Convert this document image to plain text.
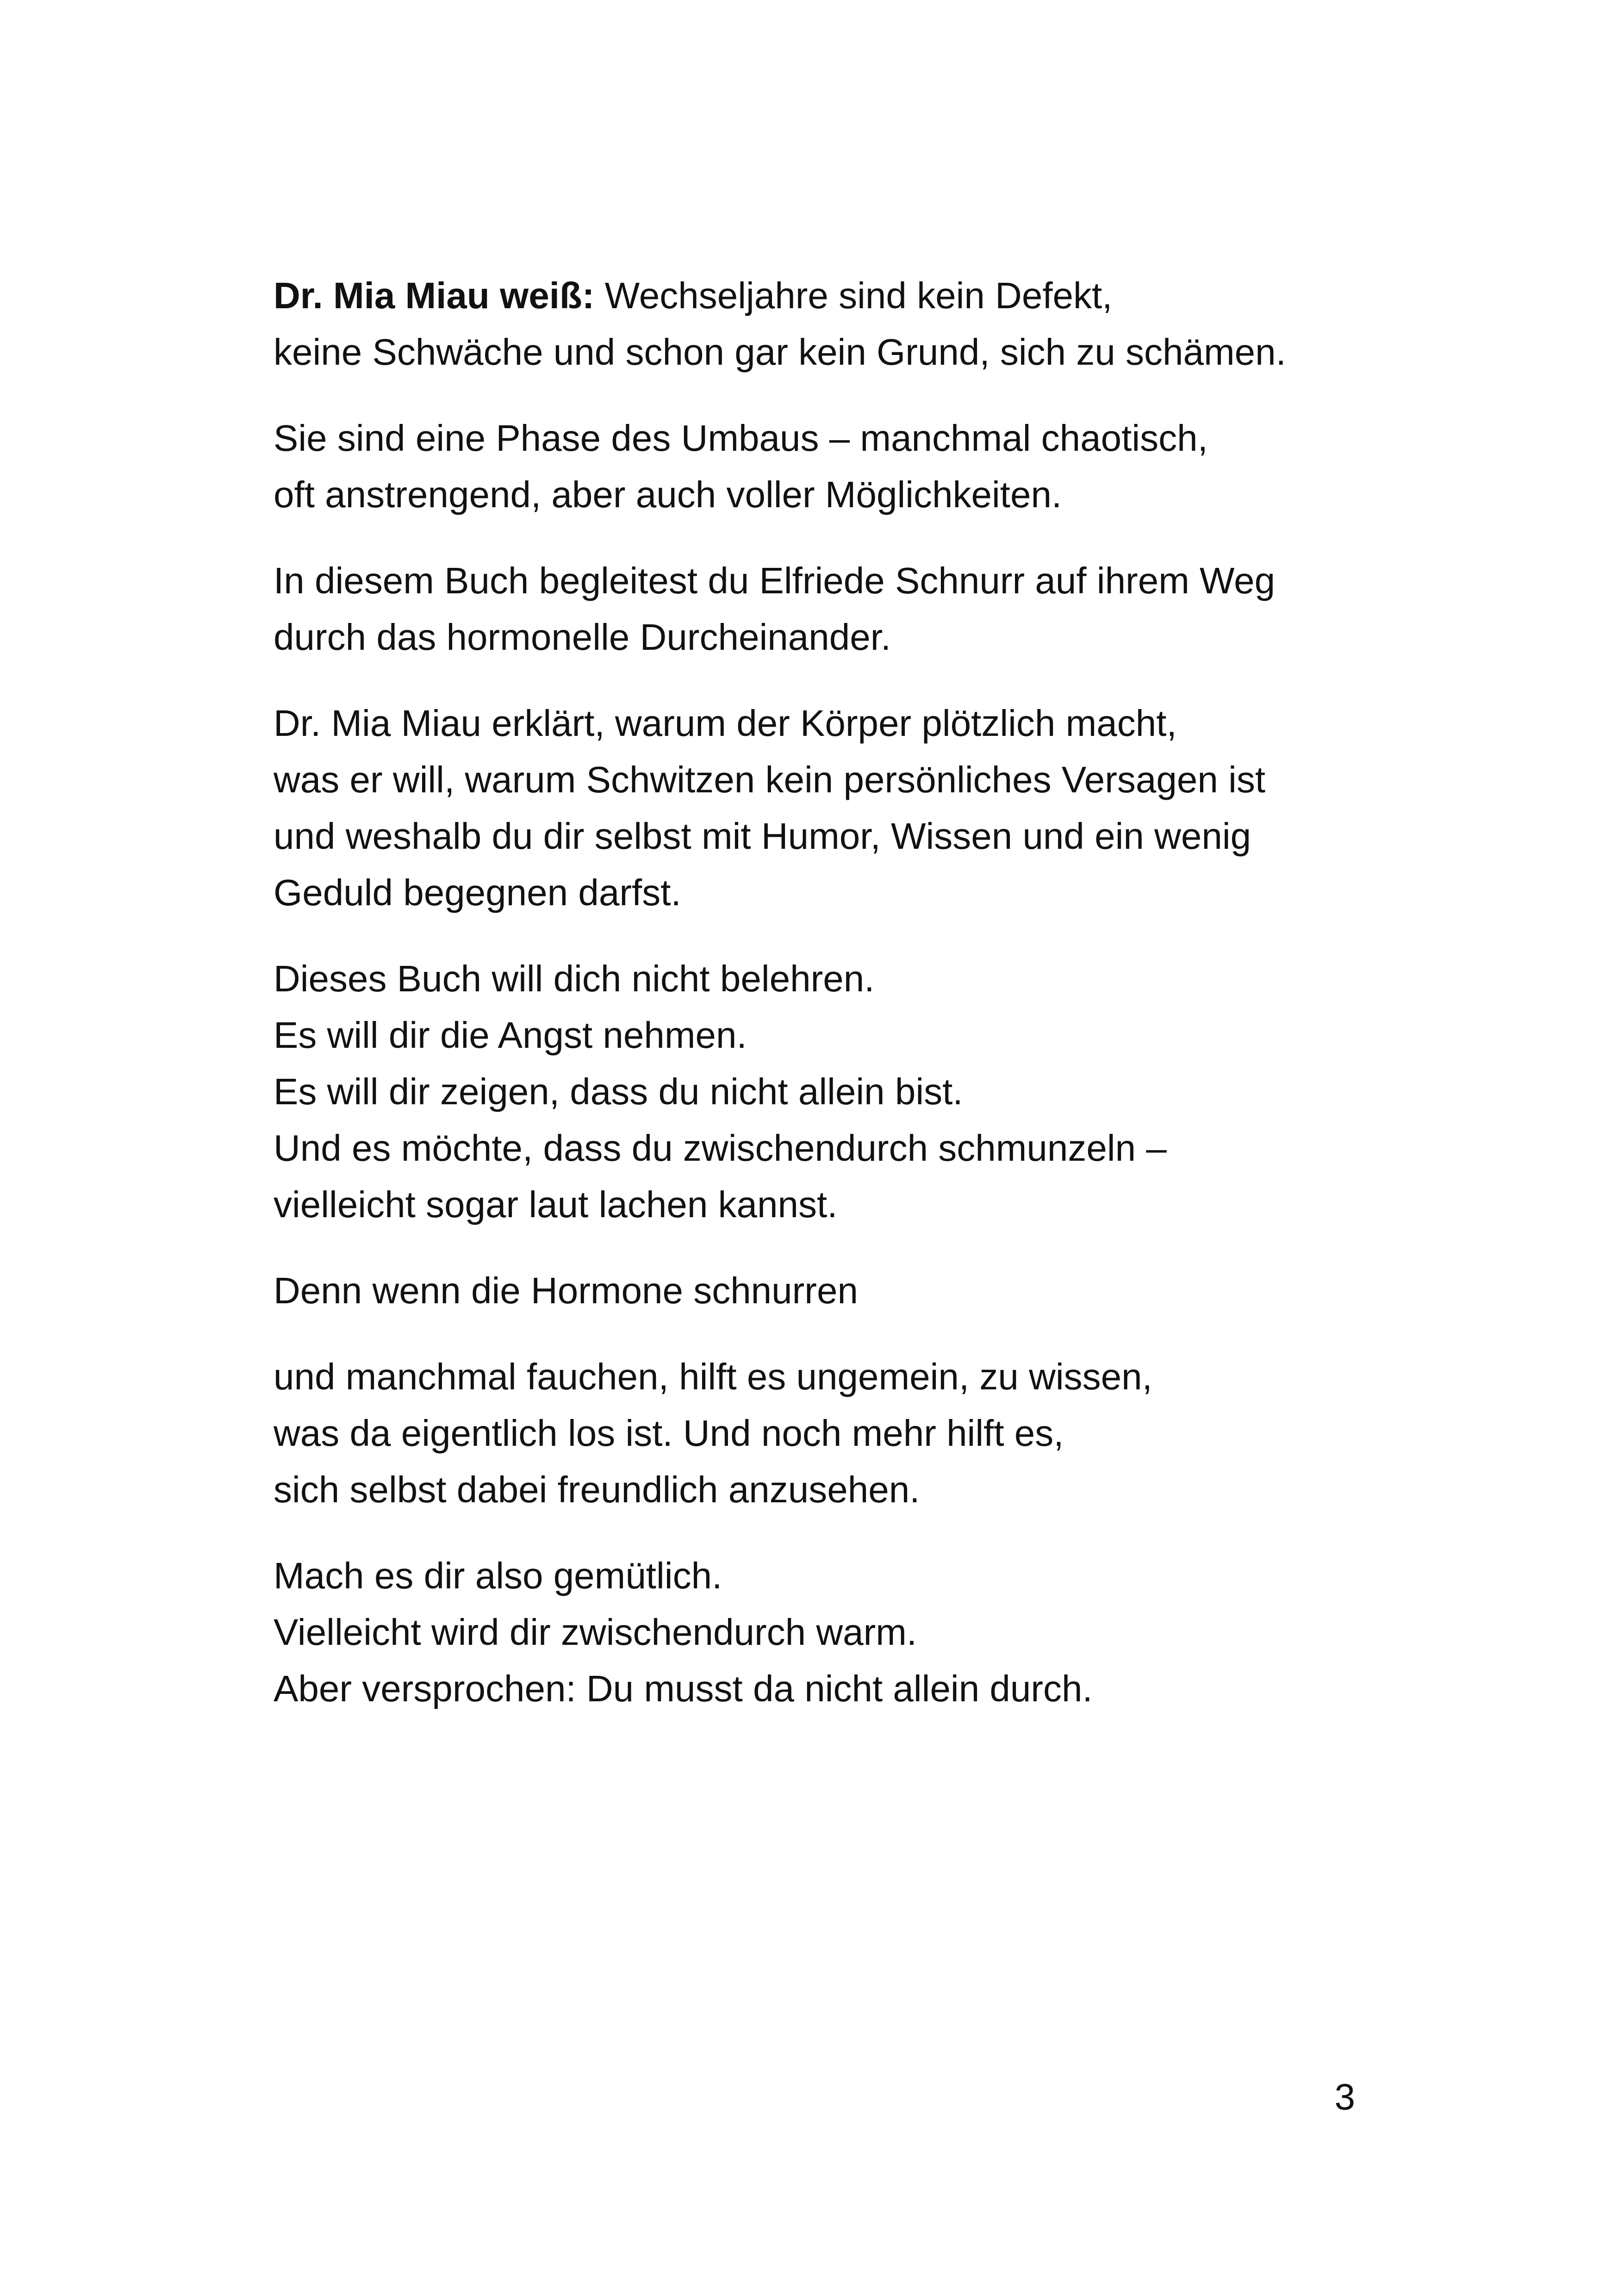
Dr. Mia Miau weiß: Wechseljahre sind kein Defekt,
keine Schwäche und schon gar kein Grund, sich zu schämen.

Sie sind eine Phase des Umbaus – manchmal chaotisch,
oft anstrengend, aber auch voller Möglichkeiten.

In diesem Buch begleitest du Elfriede Schnurr auf ihrem Weg
durch das hormonelle Durcheinander.

Dr. Mia Miau erklärt, warum der Körper plötzlich macht,
was er will, warum Schwitzen kein persönliches Versagen ist
und weshalb du dir selbst mit Humor, Wissen und ein wenig
Geduld begegnen darfst.

Dieses Buch will dich nicht belehren.
Es will dir die Angst nehmen.
Es will dir zeigen, dass du nicht allein bist.
Und es möchte, dass du zwischendurch schmunzeln –
vielleicht sogar laut lachen kannst.

Denn wenn die Hormone schnurren

und manchmal fauchen, hilft es ungemein, zu wissen,
was da eigentlich los ist. Und noch mehr hilft es,
sich selbst dabei freundlich anzusehen.

Mach es dir also gemütlich.
Vielleicht wird dir zwischendurch warm.
Aber versprochen: Du musst da nicht allein durch.

3
